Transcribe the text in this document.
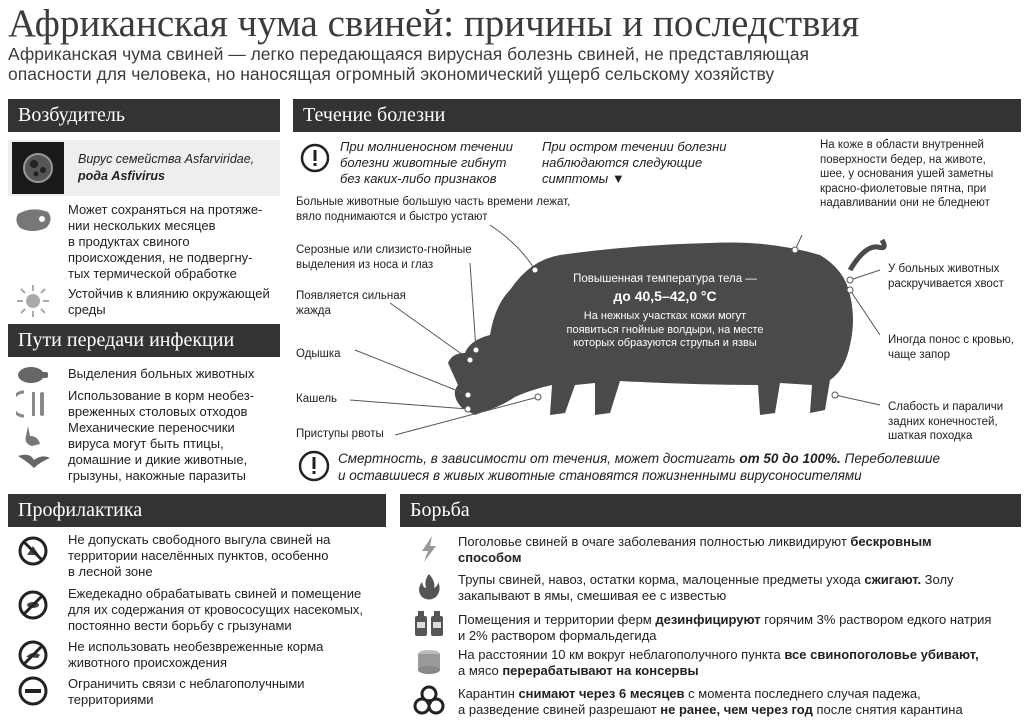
Африканская чума свиней: причины и последствия
Африканская чума свиней — легко передающаяся вирусная болезнь свиней, не представляющая
опасности для человека, но наносящая огромный экономический ущерб сельскому хозяйству
Возбудитель
Вирус семейства Asfarviridae,
рода Asfivirus
Может сохраняться на протяже-
нии нескольких месяцев
в продуктах свиного
происхождения, не подвергну-
тых термической обработке
Устойчив к влиянию окружающей
среды
Пути передачи инфекции
Выделения больных животных
Использование в корм необез-
вреженных столовых отходов
Механические переносчики
вируса могут быть птицы,
домашние и дикие животные,
грызуны, накожные паразиты
Течение болезни
При молниеносном течении
болезни животные гибнут
без каких-либо признаков
При остром течении болезни
наблюдаются следующие
симптомы ▼
Повышенная температура тела —
до 40,5–42,0 °С
На нежных участках кожи могут
появиться гнойные волдыри, на месте
которых образуются струпья и язвы
Больные животные большую часть времени лежат,
вяло поднимаются и быстро устают
Серозные или слизисто-гнойные
выделения из носа и глаз
Появляется сильная
жажда
Одышка
Кашель
Приступы рвоты
На коже в области внутренней
поверхности бедер, на животе,
шее, у основания ушей заметны
красно-фиолетовые пятна, при
надавливании они не бледнеют
У больных животных
раскручивается хвост
Иногда понос с кровью,
чаще запор
Слабость и параличи
задних конечностей,
шаткая походка
Смертность, в зависимости от течения, может достигать от 50 до 100%. Переболевшие
и оставшиеся в живых животные становятся пожизненными вирусоносителями
Профилактика
Не допускать свободного выгула свиней на
территории населённых пунктов, особенно
в лесной зоне
Ежедекадно обрабатывать свиней и помещение
для их содержания от кровососущих насекомых,
постоянно вести борьбу с грызунами
Не использовать необезвреженные корма
животного происхождения
Ограничить связи с неблагополучными
территориями
Борьба
Поголовье свиней в очаге заболевания полностью ликвидируют бескровным
способом
Трупы свиней, навоз, остатки корма, малоценные предметы ухода сжигают. Золу
закапывают в ямы, смешивая ее с известью
Помещения и территории ферм дезинфицируют горячим 3% раствором едкого натрия
и 2% раствором формальдегида
На расстоянии 10 км вокруг неблагополучного пункта все свинопоголовье убивают,
а мясо перерабатывают на консервы
Карантин снимают через 6 месяцев с момента последнего случая падежа,
а разведение свиней разрешают не ранее, чем через год после снятия карантина
